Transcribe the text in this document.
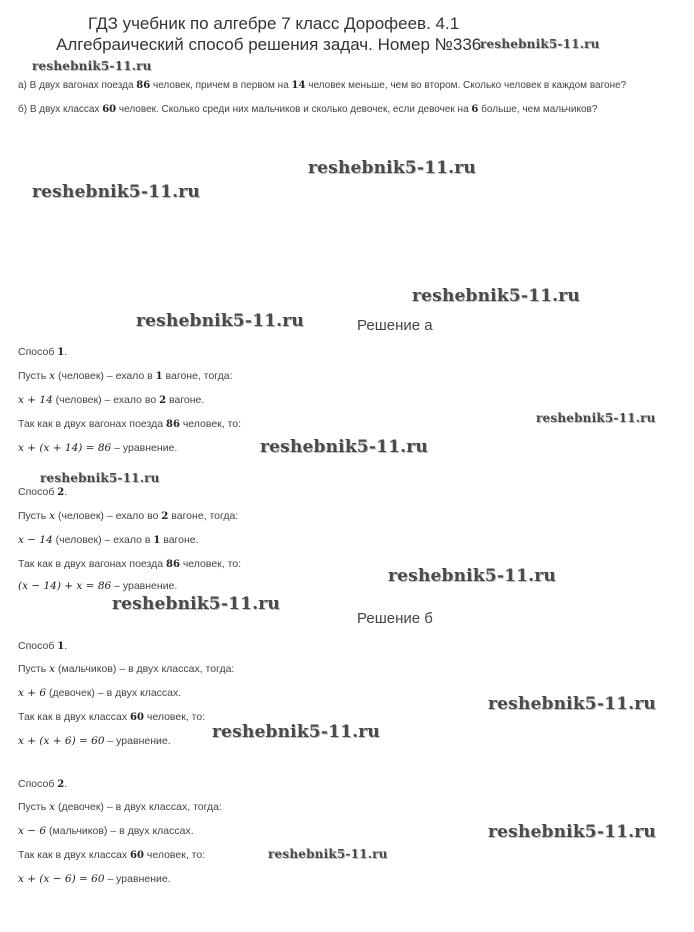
ГДЗ учебник по алгебре 7 класс Дорофеев. 4.1
Алгебраический способ решения задач. Номер №336
а) В двух вагонах поезда 86 человек, причем в первом на 14 человек меньше, чем во втором. Сколько человек в каждом вагоне?
б) В двух классах 60 человек. Сколько среди них мальчиков и сколько девочек, если девочек на 6 больше, чем мальчиков?
Решение а
Способ 1.
Пусть x (человек) – ехало в 1 вагоне, тогда:
x + 14 (человек) – ехало во 2 вагоне.
Так как в двух вагонах поезда 86 человек, то:
x + (x + 14) = 86 – уравнение.
Способ 2.
Пусть x (человек) – ехало во 2 вагоне, тогда:
x − 14 (человек) – ехало в 1 вагоне.
Так как в двух вагонах поезда 86 человек, то:
(x − 14) + x = 86 – уравнение.
Решение б
Способ 1.
Пусть x (мальчиков) – в двух классах, тогда:
x + 6 (девочек) – в двух классах.
Так как в двух классах 60 человек, то:
x + (x + 6) = 60 – уравнение.
Способ 2.
Пусть x (девочек) – в двух классах, тогда:
x − 6 (мальчиков) – в двух классах.
Так как в двух классах 60 человек, то:
x + (x − 6) = 60 – уравнение.
reshebnik5-11.ru
reshebnik5-11.ru
reshebnik5-11.ru
reshebnik5-11.ru
reshebnik5-11.ru
reshebnik5-11.ru
reshebnik5-11.ru
reshebnik5-11.ru
reshebnik5-11.ru
reshebnik5-11.ru
reshebnik5-11.ru
reshebnik5-11.ru
reshebnik5-11.ru
reshebnik5-11.ru
reshebnik5-11.ru
